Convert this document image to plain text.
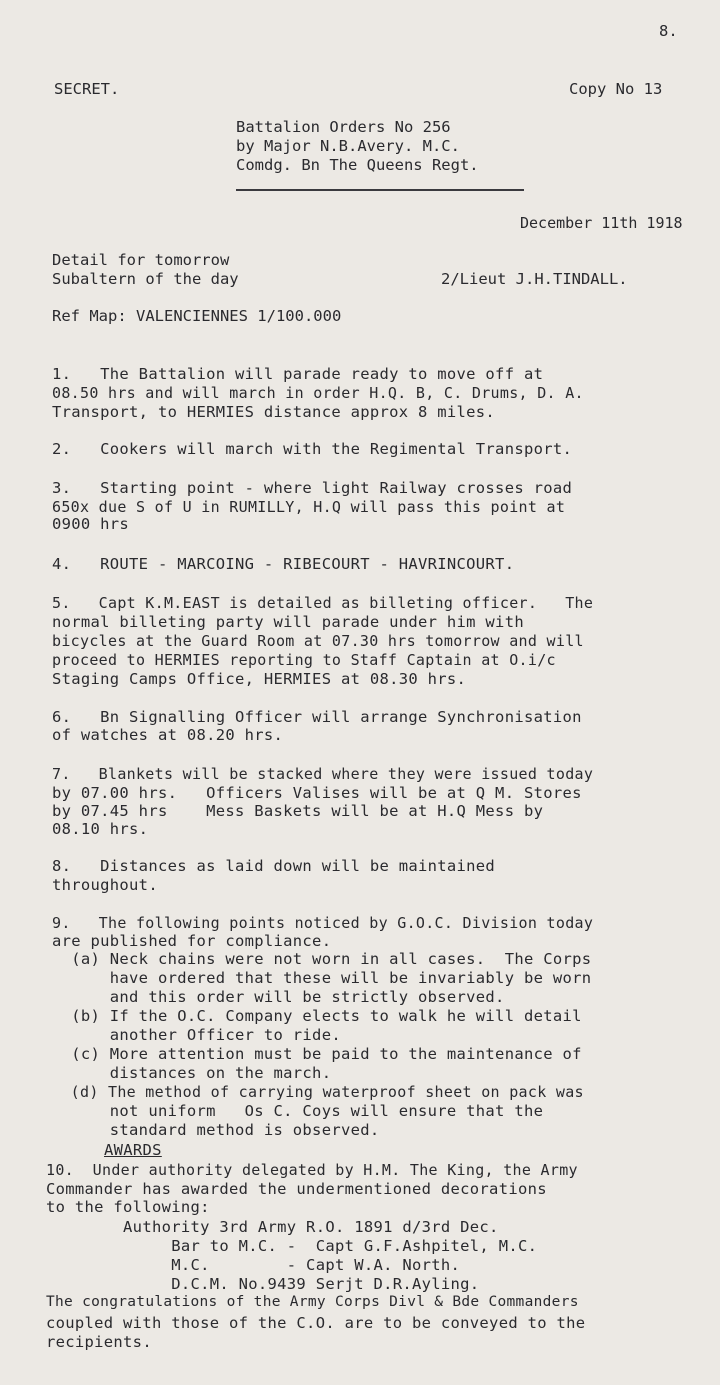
8.
SECRET.	Copy No 13
Battalion Orders No 256
by Major N.B.Avery. M.C.
Comdg. Bn The Queens Regt.
December 11th 1918
Detail for tomorrow
Subaltern of the day	2/Lieut J.H.TINDALL.
Ref Map: VALENCIENNES 1/100.000
1.   The Battalion will parade ready to move off at
08.50 hrs and will march in order H.Q. B, C. Drums, D. A.
Transport, to HERMIES distance approx 8 miles.
2.   Cookers will march with the Regimental Transport.
3.   Starting point - where light Railway crosses road
650x due S of U in RUMILLY, H.Q will pass this point at
0900 hrs
4.   ROUTE - MARCOING - RIBECOURT - HAVRINCOURT.
5.   Capt K.M.EAST is detailed as billeting officer.   The
normal billeting party will parade under him with
bicycles at the Guard Room at 07.30 hrs tomorrow and will
proceed to HERMIES reporting to Staff Captain at O.i/c
Staging Camps Office, HERMIES at 08.30 hrs.
6.   Bn Signalling Officer will arrange Synchronisation
of watches at 08.20 hrs.
7.   Blankets will be stacked where they were issued today
by 07.00 hrs.   Officers Valises will be at Q M. Stores
by 07.45 hrs    Mess Baskets will be at H.Q Mess by
08.10 hrs.
8.   Distances as laid down will be maintained
throughout.
9.   The following points noticed by G.O.C. Division today
are published for compliance.
(a) Neck chains were not worn in all cases.  The Corps
have ordered that these will be invariably be worn
and this order will be strictly observed.
(b) If the O.C. Company elects to walk he will detail
another Officer to ride.
(c) More attention must be paid to the maintenance of
distances on the march.
(d) The method of carrying waterproof sheet on pack was
not uniform   Os C. Coys will ensure that the
standard method is observed.
AWARDS
10.  Under authority delegated by H.M. The King, the Army
Commander has awarded the undermentioned decorations
to the following:
Authority 3rd Army R.O. 1891 d/3rd Dec.
Bar to M.C. -  Capt G.F.Ashpitel, M.C.
M.C.        - Capt W.A. North.
D.C.M. No.9439 Serjt D.R.Ayling.
The congratulations of the Army Corps Divl & Bde Commanders
coupled with those of the C.O. are to be conveyed to the
recipients.
